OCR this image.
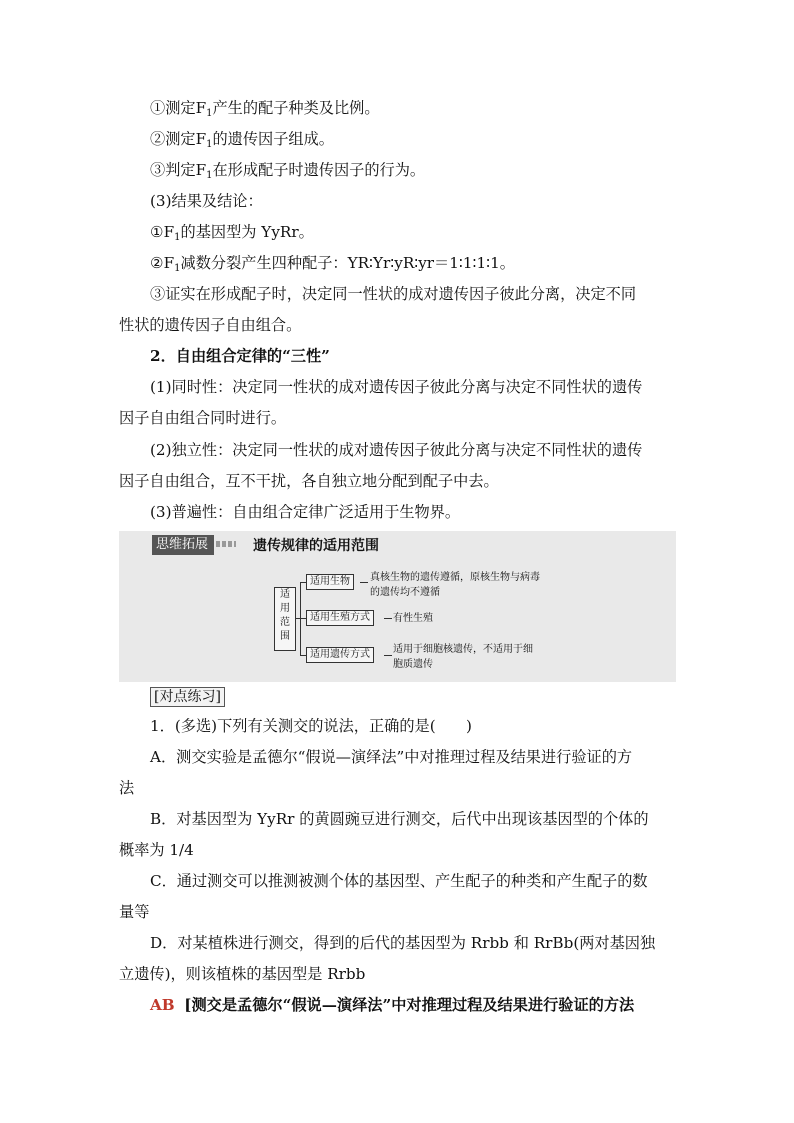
①测定$F_1$产生的配子种类及比例。
②测定$F_1$的遗传因子组成。
③判定$F_1$在形成配子时遗传因子的行为。
(3)结果及结论：
$①F_1$的基因型为 YyRr。
$②F_1$减数分裂产生四种配子：YR∶Yr∶yR∶yr＝1∶1∶1∶1。
③证实在形成配子时，决定同一性状的成对遗传因子彼此分离，决定不同
性状的遗传因子自由组合。
2．自由组合定律的“三性”
(1)同时性：决定同一性状的成对遗传因子彼此分离与决定不同性状的遗传
因子自由组合同时进行。
(2)独立性：决定同一性状的成对遗传因子彼此分离与决定不同性状的遗传
因子自由组合，互不干扰，各自独立地分配到配子中去。
(3)普遍性：自由组合定律广泛适用于生物界。
思维拓展	遗传规律的适用范围
适
用
范
围
适用生物	真核生物的遗传遵循，原核生物与病毒
的遗传均不遵循
适用生殖方式	有性生殖
适用遗传方式	适用于细胞核遗传，不适用于细
胞质遗传
[对点练习]
1．(多选)下列有关测交的说法，正确的是(　　)
A．测交实验是孟德尔“假说—演绎法”中对推理过程及结果进行验证的方
法
B．对基因型为 YyRr 的黄圆豌豆进行测交，后代中出现该基因型的个体的
概率为 1/4
C．通过测交可以推测被测个体的基因型、产生配子的种类和产生配子的数
量等
D．对某植株进行测交，得到的后代的基因型为 Rrbb 和 RrBb(两对基因独
立遗传)，则该植株的基因型是 Rrbb
AB [测交是孟德尔“假说—演绎法”中对推理过程及结果进行验证的方法
